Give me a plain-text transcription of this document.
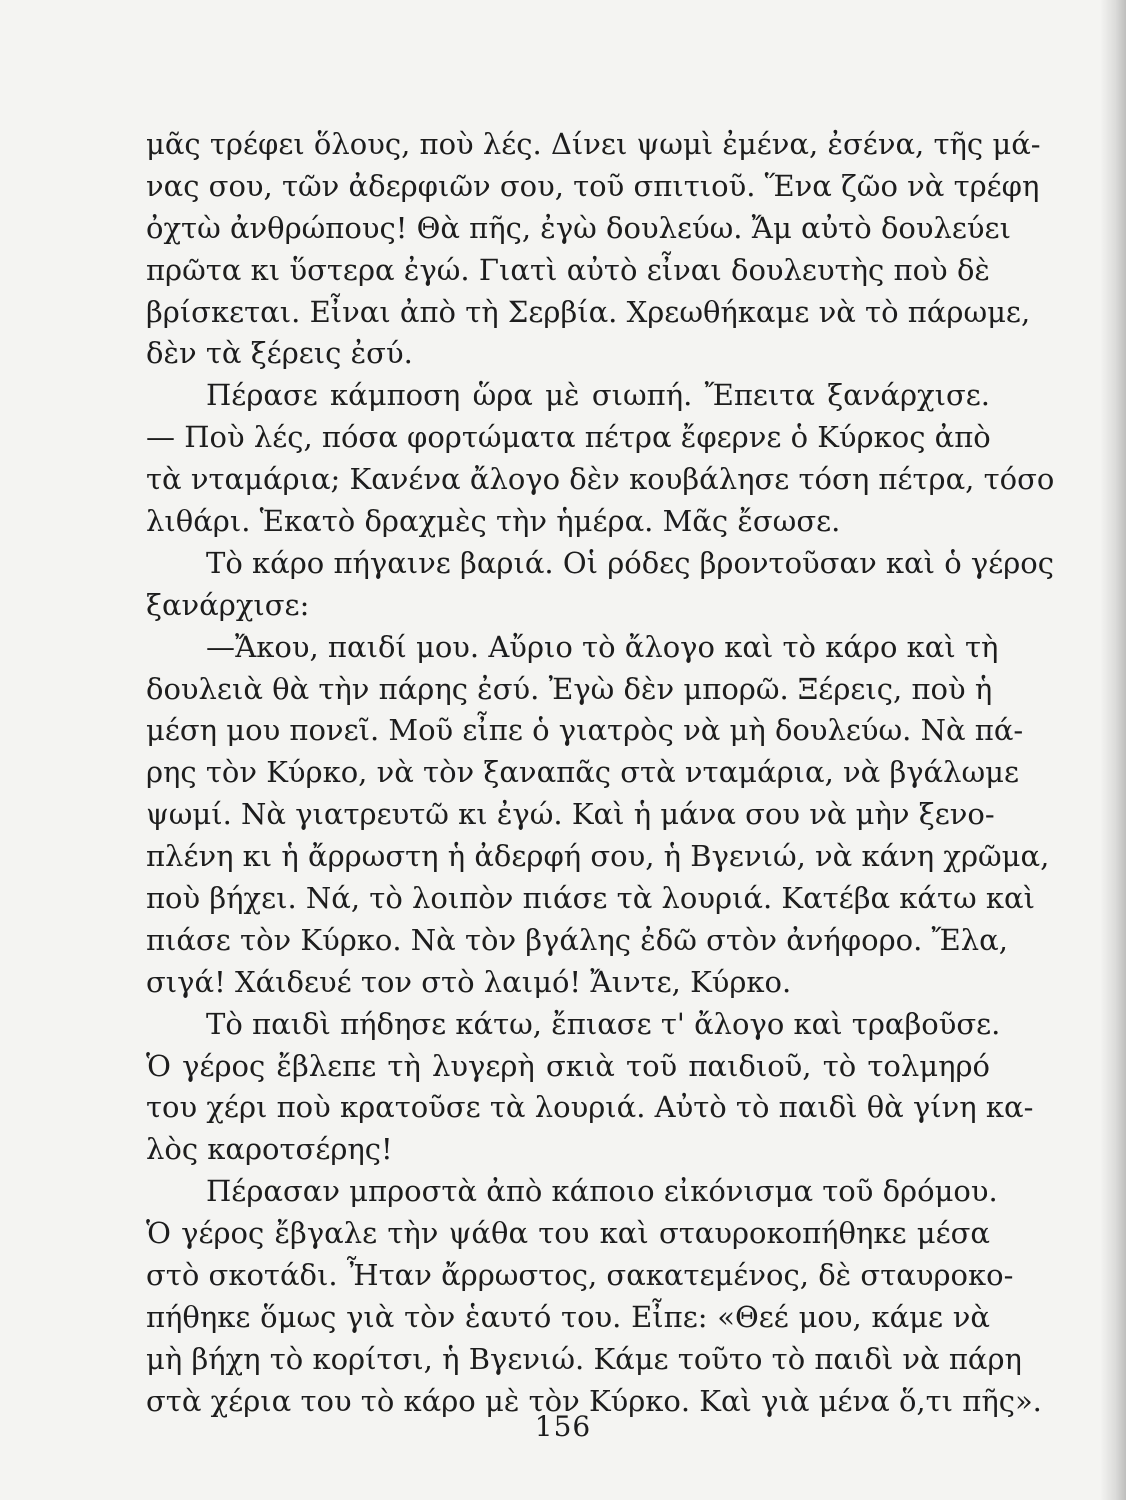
μᾶς τρέφει ὅλους, ποὺ λές. Δίνει ψωμὶ ἐμένα, ἐσένα, τῆς μά-
νας σου, τῶν ἀδερφιῶν σου, τοῦ σπιτιοῦ. Ἕνα ζῶο νὰ τρέφη
ὀχτὼ ἀνθρώπους! Θὰ πῆς, ἐγὼ δουλεύω. Ἄμ αὐτὸ δουλεύει
πρῶτα κι ὕστερα ἐγώ. Γιατὶ αὐτὸ εἶναι δουλευτὴς ποὺ δὲ
βρίσκεται. Εἶναι ἀπὸ τὴ Σερβία. Χρεωθήκαμε νὰ τὸ πάρωμε,
δὲν τὰ ξέρεις ἐσύ.
Πέρασε κάμποση ὥρα μὲ σιωπή. Ἔπειτα ξανάρχισε.
— Ποὺ λές, πόσα φορτώματα πέτρα ἔφερνε ὁ Κύρκος ἀπὸ
τὰ νταμάρια; Κανένα ἄλογο δὲν κουβάλησε τόση πέτρα, τόσο
λιθάρι. Ἑκατὸ δραχμὲς τὴν ἡμέρα. Μᾶς ἔσωσε.
Τὸ κάρο πήγαινε βαριά. Οἱ ρόδες βροντοῦσαν καὶ ὁ γέρος
ξανάρχισε:
—Ἄκου, παιδί μου. Αὔριο τὸ ἄλογο καὶ τὸ κάρο καὶ τὴ
δουλειὰ θὰ τὴν πάρης ἐσύ. Ἐγὼ δὲν μπορῶ. Ξέρεις, ποὺ ἡ
μέση μου πονεῖ. Μοῦ εἶπε ὁ γιατρὸς νὰ μὴ δουλεύω. Νὰ πά-
ρης τὸν Κύρκο, νὰ τὸν ξαναπᾶς στὰ νταμάρια, νὰ βγάλωμε
ψωμί. Νὰ γιατρευτῶ κι ἐγώ. Καὶ ἡ μάνα σου νὰ μὴν ξενο-
πλένη κι ἡ ἄρρωστη ἡ ἀδερφή σου, ἡ Βγενιώ, νὰ κάνη χρῶμα,
ποὺ βήχει. Νά, τὸ λοιπὸν πιάσε τὰ λουριά. Κατέβα κάτω καὶ
πιάσε τὸν Κύρκο. Νὰ τὸν βγάλης ἐδῶ στὸν ἀνήφορο. Ἔλα,
σιγά! Χάιδευέ τον στὸ λαιμό! Ἄιντε, Κύρκο.
Τὸ παιδὶ πήδησε κάτω, ἔπιασε τ' ἄλογο καὶ τραβοῦσε.
Ὁ γέρος ἔβλεπε τὴ λυγερὴ σκιὰ τοῦ παιδιοῦ, τὸ τολμηρό
του χέρι ποὺ κρατοῦσε τὰ λουριά. Αὐτὸ τὸ παιδὶ θὰ γίνη κα-
λὸς καροτσέρης!
Πέρασαν μπροστὰ ἀπὸ κάποιο εἰκόνισμα τοῦ δρόμου.
Ὁ γέρος ἔβγαλε τὴν ψάθα του καὶ σταυροκοπήθηκε μέσα
στὸ σκοτάδι. Ἦταν ἄρρωστος, σακατεμένος, δὲ σταυροκο-
πήθηκε ὅμως γιὰ τὸν ἑαυτό του. Εἶπε: «Θεέ μου, κάμε νὰ
μὴ βήχη τὸ κορίτσι, ἡ Βγενιώ. Κάμε τοῦτο τὸ παιδὶ νὰ πάρη
στὰ χέρια του τὸ κάρο μὲ τὸν Κύρκο. Καὶ γιὰ μένα ὅ,τι πῆς».
156
